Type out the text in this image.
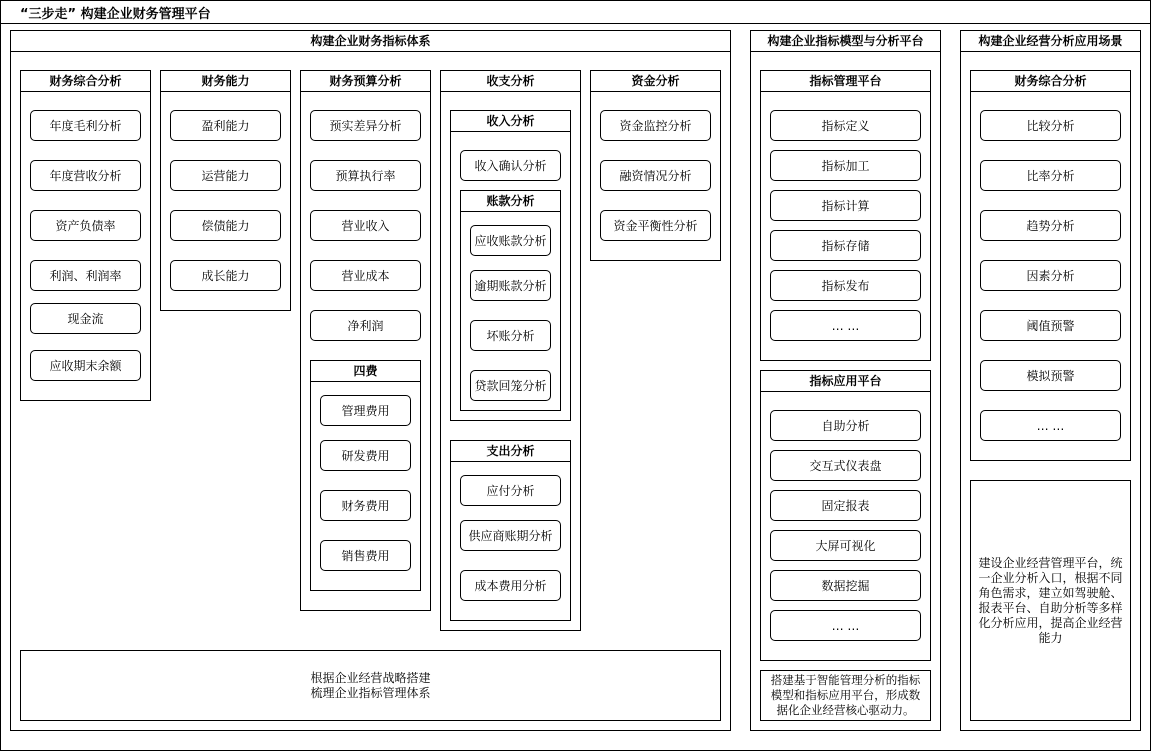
“三步走” 构建企业财务管理平台
构建企业财务指标体系
财务综合分析
年度毛利分析
年度营收分析
资产负债率
利润、利润率
现金流
应收期末余额
财务能力
盈利能力
运营能力
偿债能力
成长能力
财务预算分析
预实差异分析
预算执行率
营业收入
营业成本
净利润
四费
管理费用
研发费用
财务费用
销售费用
收支分析
收入分析
收入确认分析
账款分析
应收账款分析
逾期账款分析
坏账分析
贷款回笼分析
支出分析
应付分析
供应商账期分析
成本费用分析
资金分析
资金监控分析
融资情况分析
资金平衡性分析
根据企业经营战略搭建
梳理企业指标管理体系
构建企业指标模型与分析平台
指标管理平台
指标定义
指标加工
指标计算
指标存储
指标发布
… …
指标应用平台
自助分析
交互式仪表盘
固定报表
大屏可视化
数据挖掘
… …
搭建基于智能管理分析的指标
模型和指标应用平台，形成数
据化企业经营核心驱动力。
构建企业经营分析应用场景
财务综合分析
比较分析
比率分析
趋势分析
因素分析
阈值预警
模拟预警
… …
建设企业经营管理平台，统
一企业分析入口，根据不同
角色需求，建立如驾驶舱、
报表平台、自助分析等多样
化分析应用，提高企业经营
能力
